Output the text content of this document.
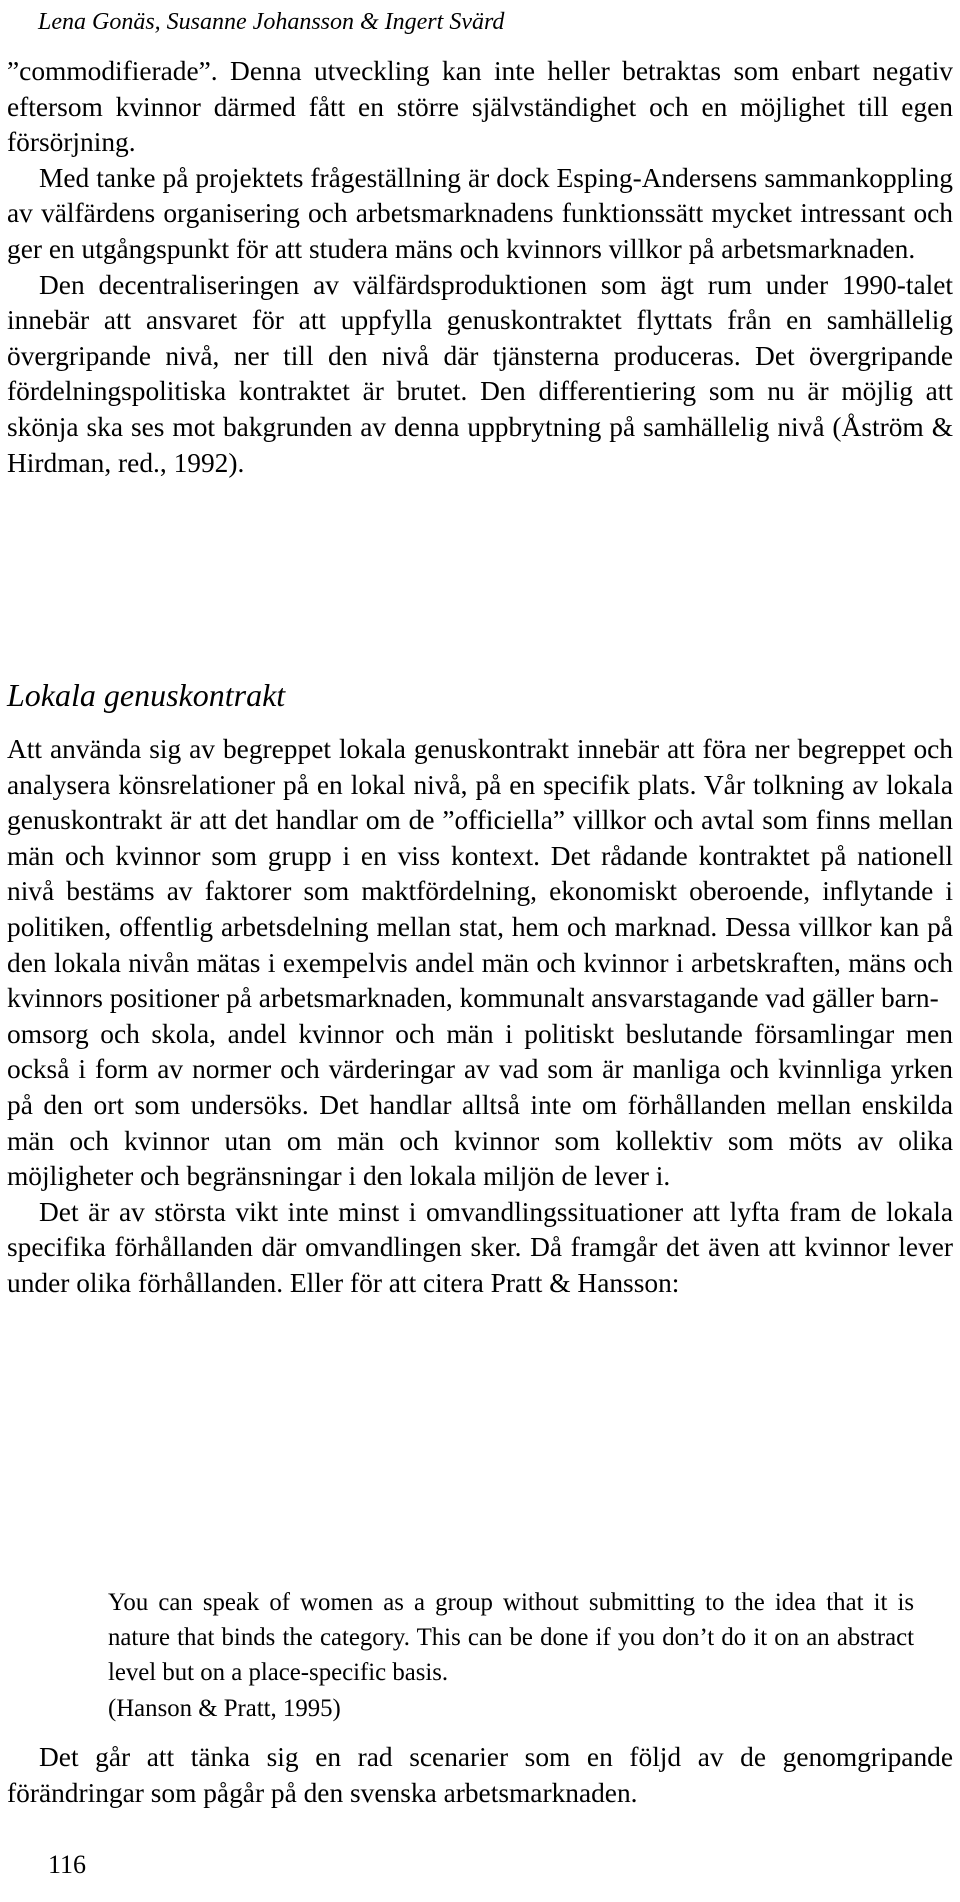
Lena Gonäs, Susanne Johansson & Ingert Svärd

”commodifierade”. Denna utveckling kan inte heller betraktas som enbart negativ eftersom kvinnor därmed fått en större självständighet och en möjlighet till egen försörjning.

Med tanke på projektets frågeställning är dock Esping-Andersens sammankoppling av välfärdens organisering och arbetsmarknadens funktionssätt mycket intressant och ger en utgångspunkt för att studera mäns och kvinnors villkor på arbetsmarknaden.

Den decentraliseringen av välfärdsproduktionen som ägt rum under 1990-talet innebär att ansvaret för att uppfylla genuskontraktet flyttats från en samhällelig övergripande nivå, ner till den nivå där tjänsterna produceras. Det övergripande fördelningspolitiska kontraktet är brutet. Den differentiering som nu är möjlig att skönja ska ses mot bakgrunden av denna uppbrytning på samhällelig nivå (Åström & Hirdman, red., 1992).

Lokala genuskontrakt

Att använda sig av begreppet lokala genuskontrakt innebär att föra ner begreppet och analysera könsrelationer på en lokal nivå, på en specifik plats. Vår tolkning av lokala genuskontrakt är att det handlar om de ”officiella” villkor och avtal som finns mellan män och kvinnor som grupp i en viss kontext. Det rådande kontraktet på nationell nivå bestäms av faktorer som maktfördelning, ekonomiskt oberoende, inflytande i politiken, offentlig arbetsdelning mellan stat, hem och marknad. Dessa villkor kan på den lokala nivån mätas i exempelvis andel män och kvinnor i arbetskraften, mäns och kvinnors positioner på arbetsmarknaden, kommunalt ansvarstagande vad gäller barn-

omsorg och skola, andel kvinnor och män i politiskt beslutande församlingar men också i form av normer och värderingar av vad som är manliga och kvinnliga yrken på den ort som undersöks. Det handlar alltså inte om förhållanden mellan enskilda män och kvinnor utan om män och kvinnor som kollektiv som möts av olika möjligheter och begränsningar i den lokala miljön de lever i.

Det är av största vikt inte minst i omvandlingssituationer att lyfta fram de lokala specifika förhållanden där omvandlingen sker. Då framgår det även att kvinnor lever under olika förhållanden. Eller för att citera Pratt & Hansson:

You can speak of women as a group without submitting to the idea that it is nature that binds the category. This can be done if you don’t do it on an abstract level but on a place-specific basis.

(Hanson & Pratt, 1995)

Det går att tänka sig en rad scenarier som en följd av de genomgripande förändringar som pågår på den svenska arbetsmarknaden.

116
